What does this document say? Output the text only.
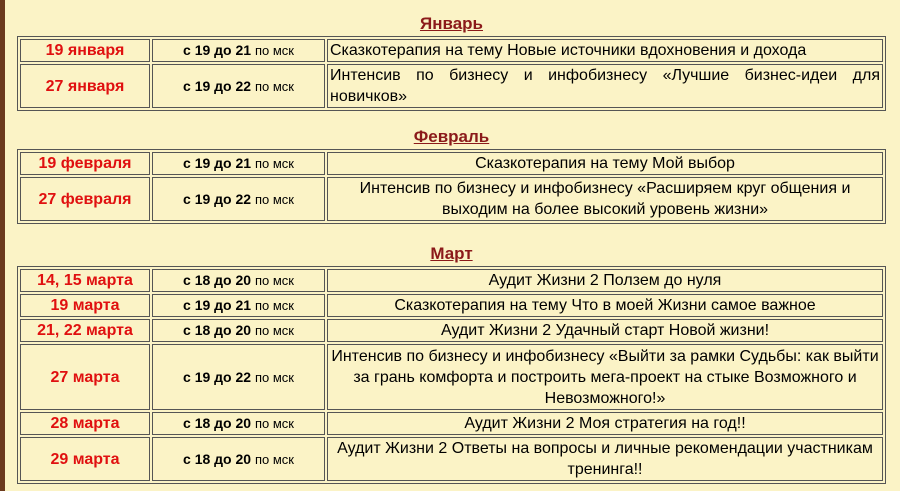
Январь
19 января	с 19 до 21 по мск	Сказкотерапия на тему Новые источники вдохновения и дохода
27 января	с 19 до 22 по мск	Интенсив по бизнесу и инфобизнесу «Лучшие бизнес-идеи для новичков»
Февраль
19 февраля	с 19 до 21 по мск	Сказкотерапия на тему Мой выбор
27 февраля	с 19 до 22 по мск	Интенсив по бизнесу и инфобизнесу «Расширяем круг общения и выходим на более высокий уровень жизни»
Март
14, 15 марта	с 18 до 20 по мск	Аудит Жизни 2 Ползем до нуля
19 марта	с 19 до 21 по мск	Сказкотерапия на тему Что в моей Жизни самое важное
21, 22 марта	с 18 до 20 по мск	Аудит Жизни 2 Удачный старт Новой жизни!
27 марта	с 19 до 22 по мск	Интенсив по бизнесу и инфобизнесу «Выйти за рамки Судьбы: как выйти за грань комфорта и построить мега-проект на стыке Возможного и Невозможного!»
28 марта	с 18 до 20 по мск	Аудит Жизни 2 Моя стратегия на год!!
29 марта	с 18 до 20 по мск	Аудит Жизни 2 Ответы на вопросы и личные рекомендации участникам тренинга!!
